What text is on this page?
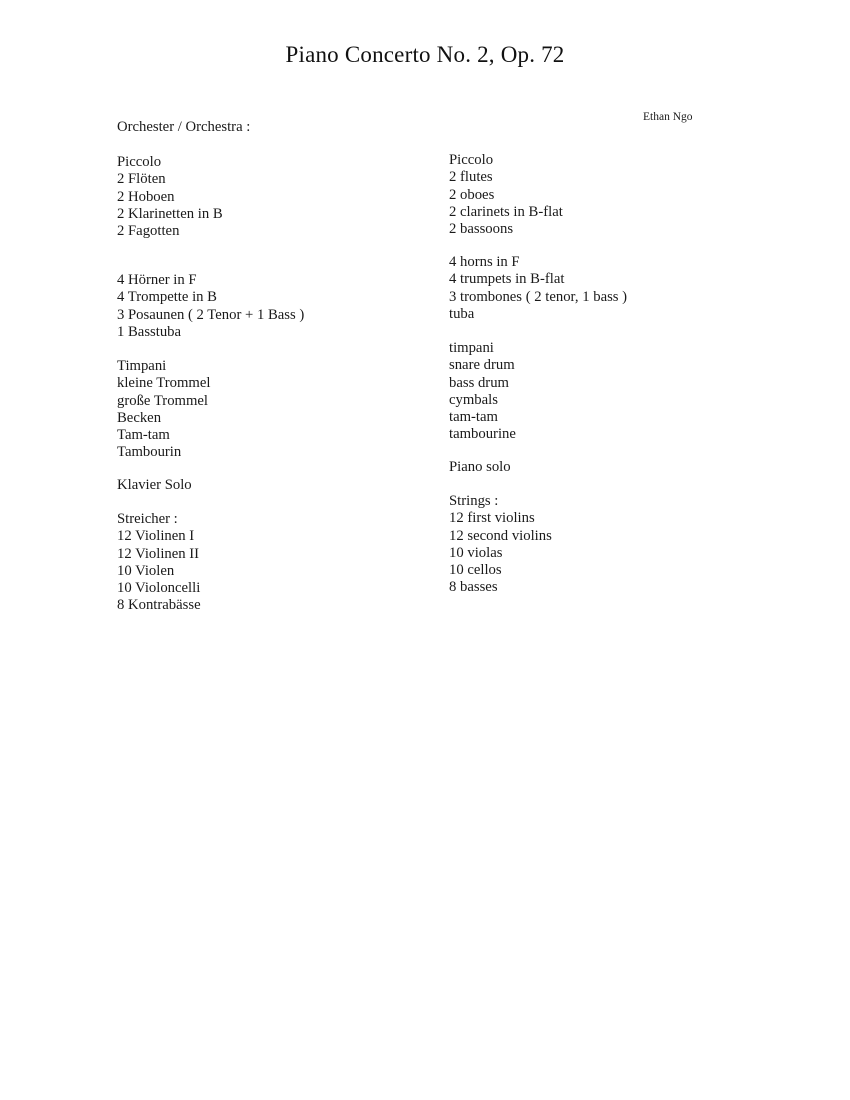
Piano Concerto No. 2, Op. 72
Ethan Ngo
Orchester / Orchestra :
Piccolo
2 Flöten
2 Hoboen
2 Klarinetten in B
2 Fagotten
4 Hörner in F
4 Trompette in B
3 Posaunen ( 2 Tenor + 1 Bass )
1 Basstuba
Timpani
kleine Trommel
große Trommel
Becken
Tam-tam
Tambourin
Klavier Solo
Streicher :
12 Violinen I
12 Violinen II
10 Violen
10 Violoncelli
8 Kontrabässe
Piccolo
2 flutes
2 oboes
2 clarinets in B-flat
2 bassoons
4 horns in F
4 trumpets in B-flat
3 trombones ( 2 tenor, 1 bass )
tuba
timpani
snare drum
bass drum
cymbals
tam-tam
tambourine
Piano solo
Strings :
12 first violins
12 second violins
10 violas
10 cellos
8 basses
